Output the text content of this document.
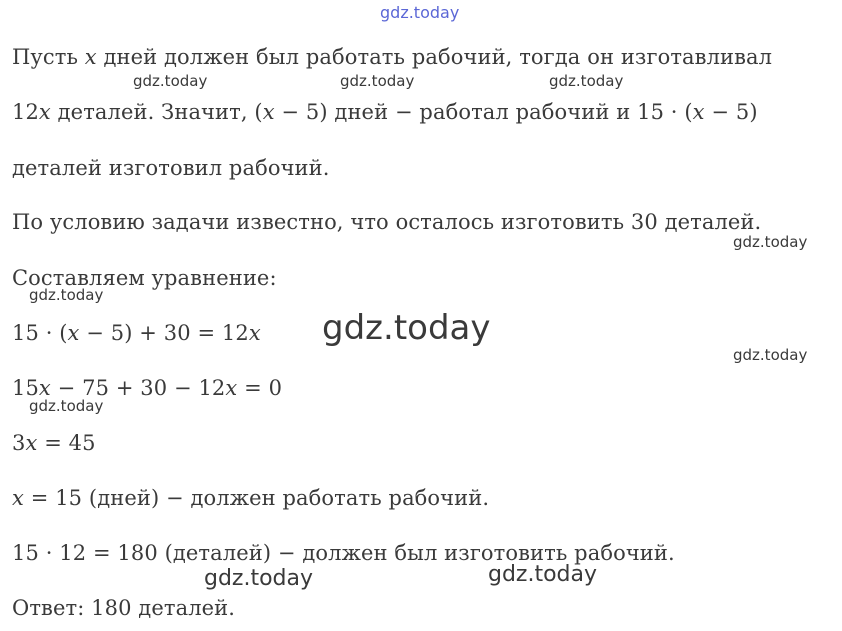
Пусть x дней должен был работать рабочий, тогда он изготавливал
12x деталей. Значит, (x − 5) дней − работал рабочий и 15 · (x − 5)
деталей изготовил рабочий.
По условию задачи известно, что осталось изготовить 30 деталей.
Составляем уравнение:
15 · (x − 5) + 30 = 12x
15x − 75 + 30 − 12x = 0
3x = 45
x = 15 (дней) − должен работать рабочий.
15 · 12 = 180 (деталей) − должен был изготовить рабочий.
Ответ: 180 деталей.
gdz.today
gdz.today	gdz.today	gdz.today
gdz.today
gdz.today
gdz.today
gdz.today
gdz.today
gdz.today	gdz.today
